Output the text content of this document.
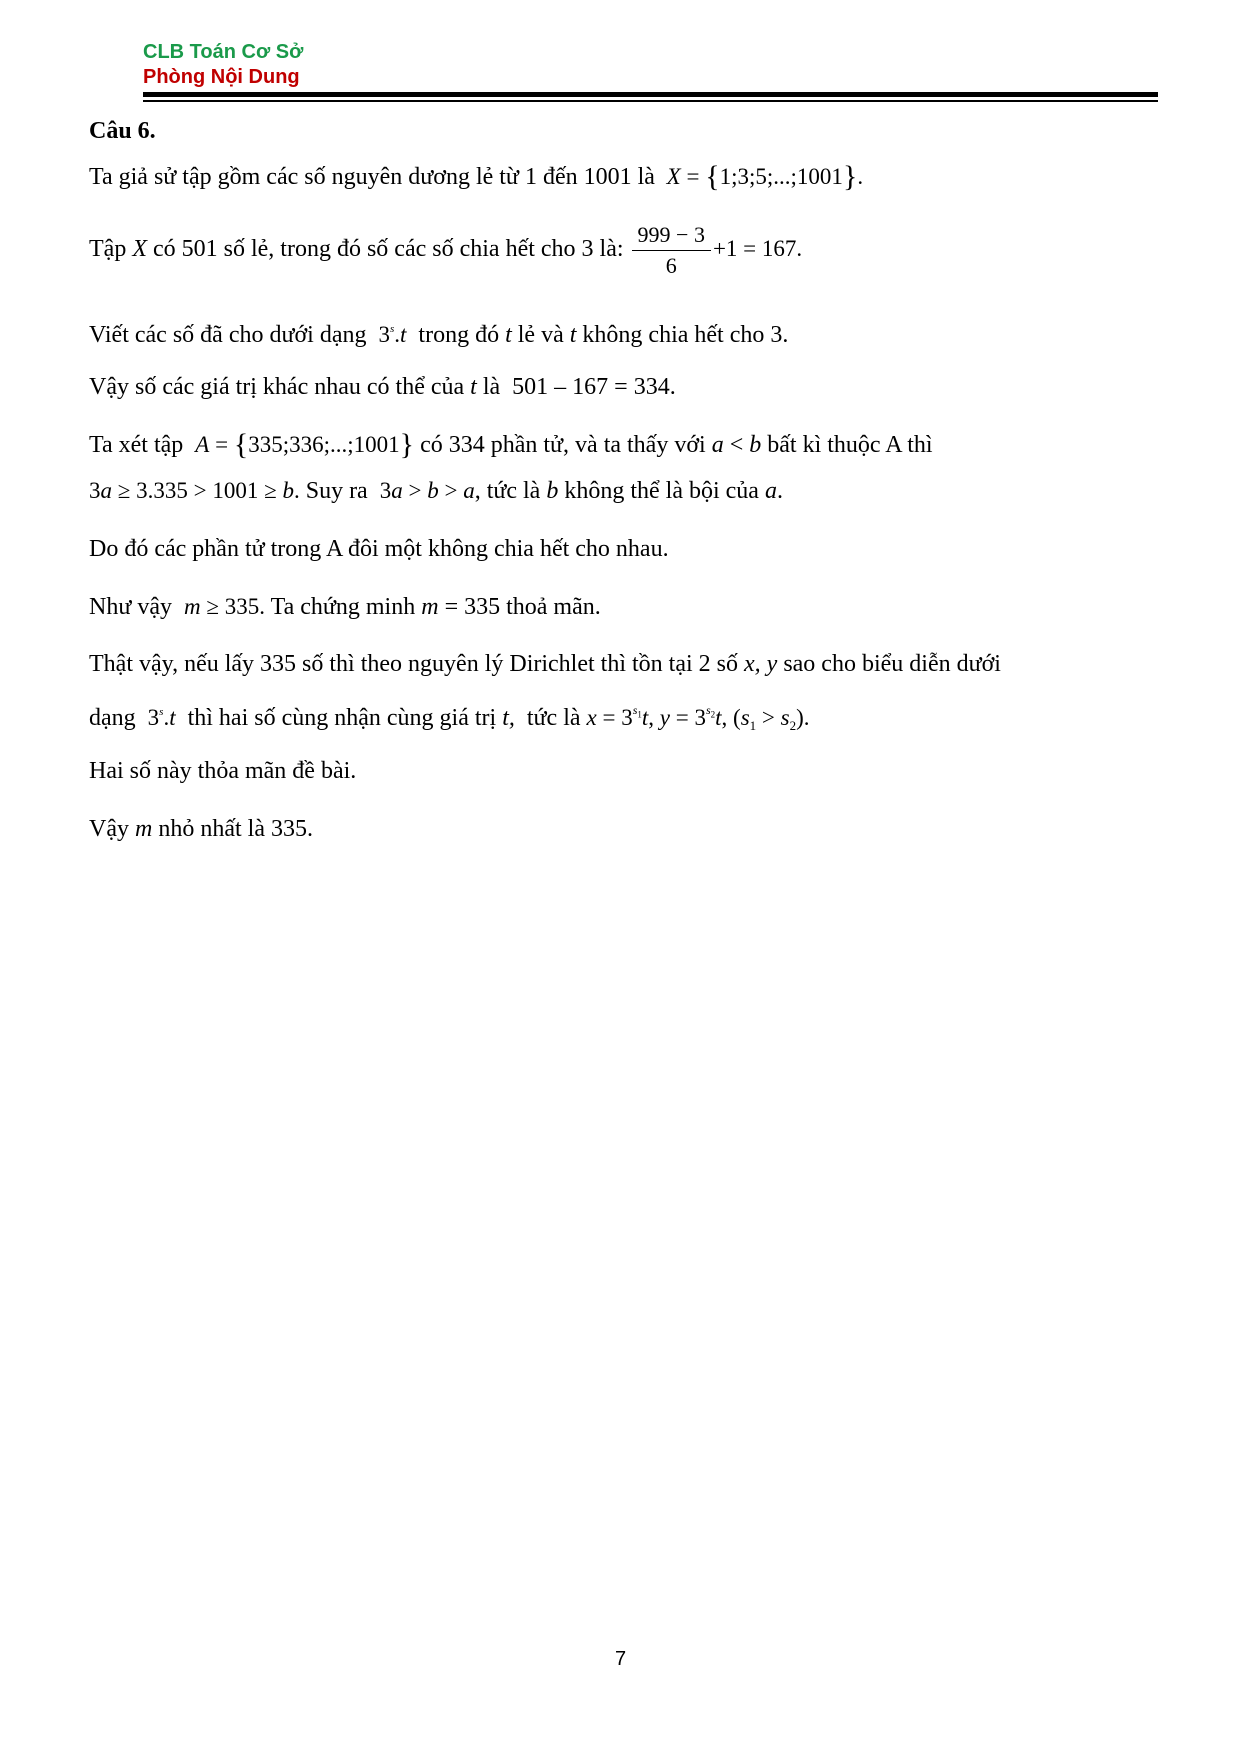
CLB Toán Cơ Sở
Phòng Nội Dung
Câu 6.
Ta giả sử tập gồm các số nguyên dương lẻ từ 1 đến 1001 là X = {1;3;5;...;1001}.
Tập X có 501 số lẻ, trong đó số các số chia hết cho 3 là: $\frac{999 - 3}{6} +1 = 167$.
Viết các số đã cho dưới dạng 3$^s$.t trong đó t lẻ và t không chia hết cho 3.
Vậy số các giá trị khác nhau có thể của t là 501 – 167 = 334.
Ta xét tập A = {335;336;...;1001} có 334 phần tử, và ta thấy với a < b bất kì thuộc A thì
3a ≥ 3.335 > 1001 ≥ b. Suy ra 3a > b > a, tức là b không thể là bội của a.
Do đó các phần tử trong A đôi một không chia hết cho nhau.
Như vậy m ≥ 335. Ta chứng minh m = 335 thoả mãn.
Thật vậy, nếu lấy 335 số thì theo nguyên lý Dirichlet thì tồn tại 2 số x, y sao cho biểu diễn dưới
dạng 3$^s$.t thì hai số cùng nhận cùng giá trị t, tức là $x = 3^{s_1}t$, $y = 3^{s_2}t$, $(s_1 > s_2)$.
Hai số này thỏa mãn đề bài.
Vậy m nhỏ nhất là 335.
7
